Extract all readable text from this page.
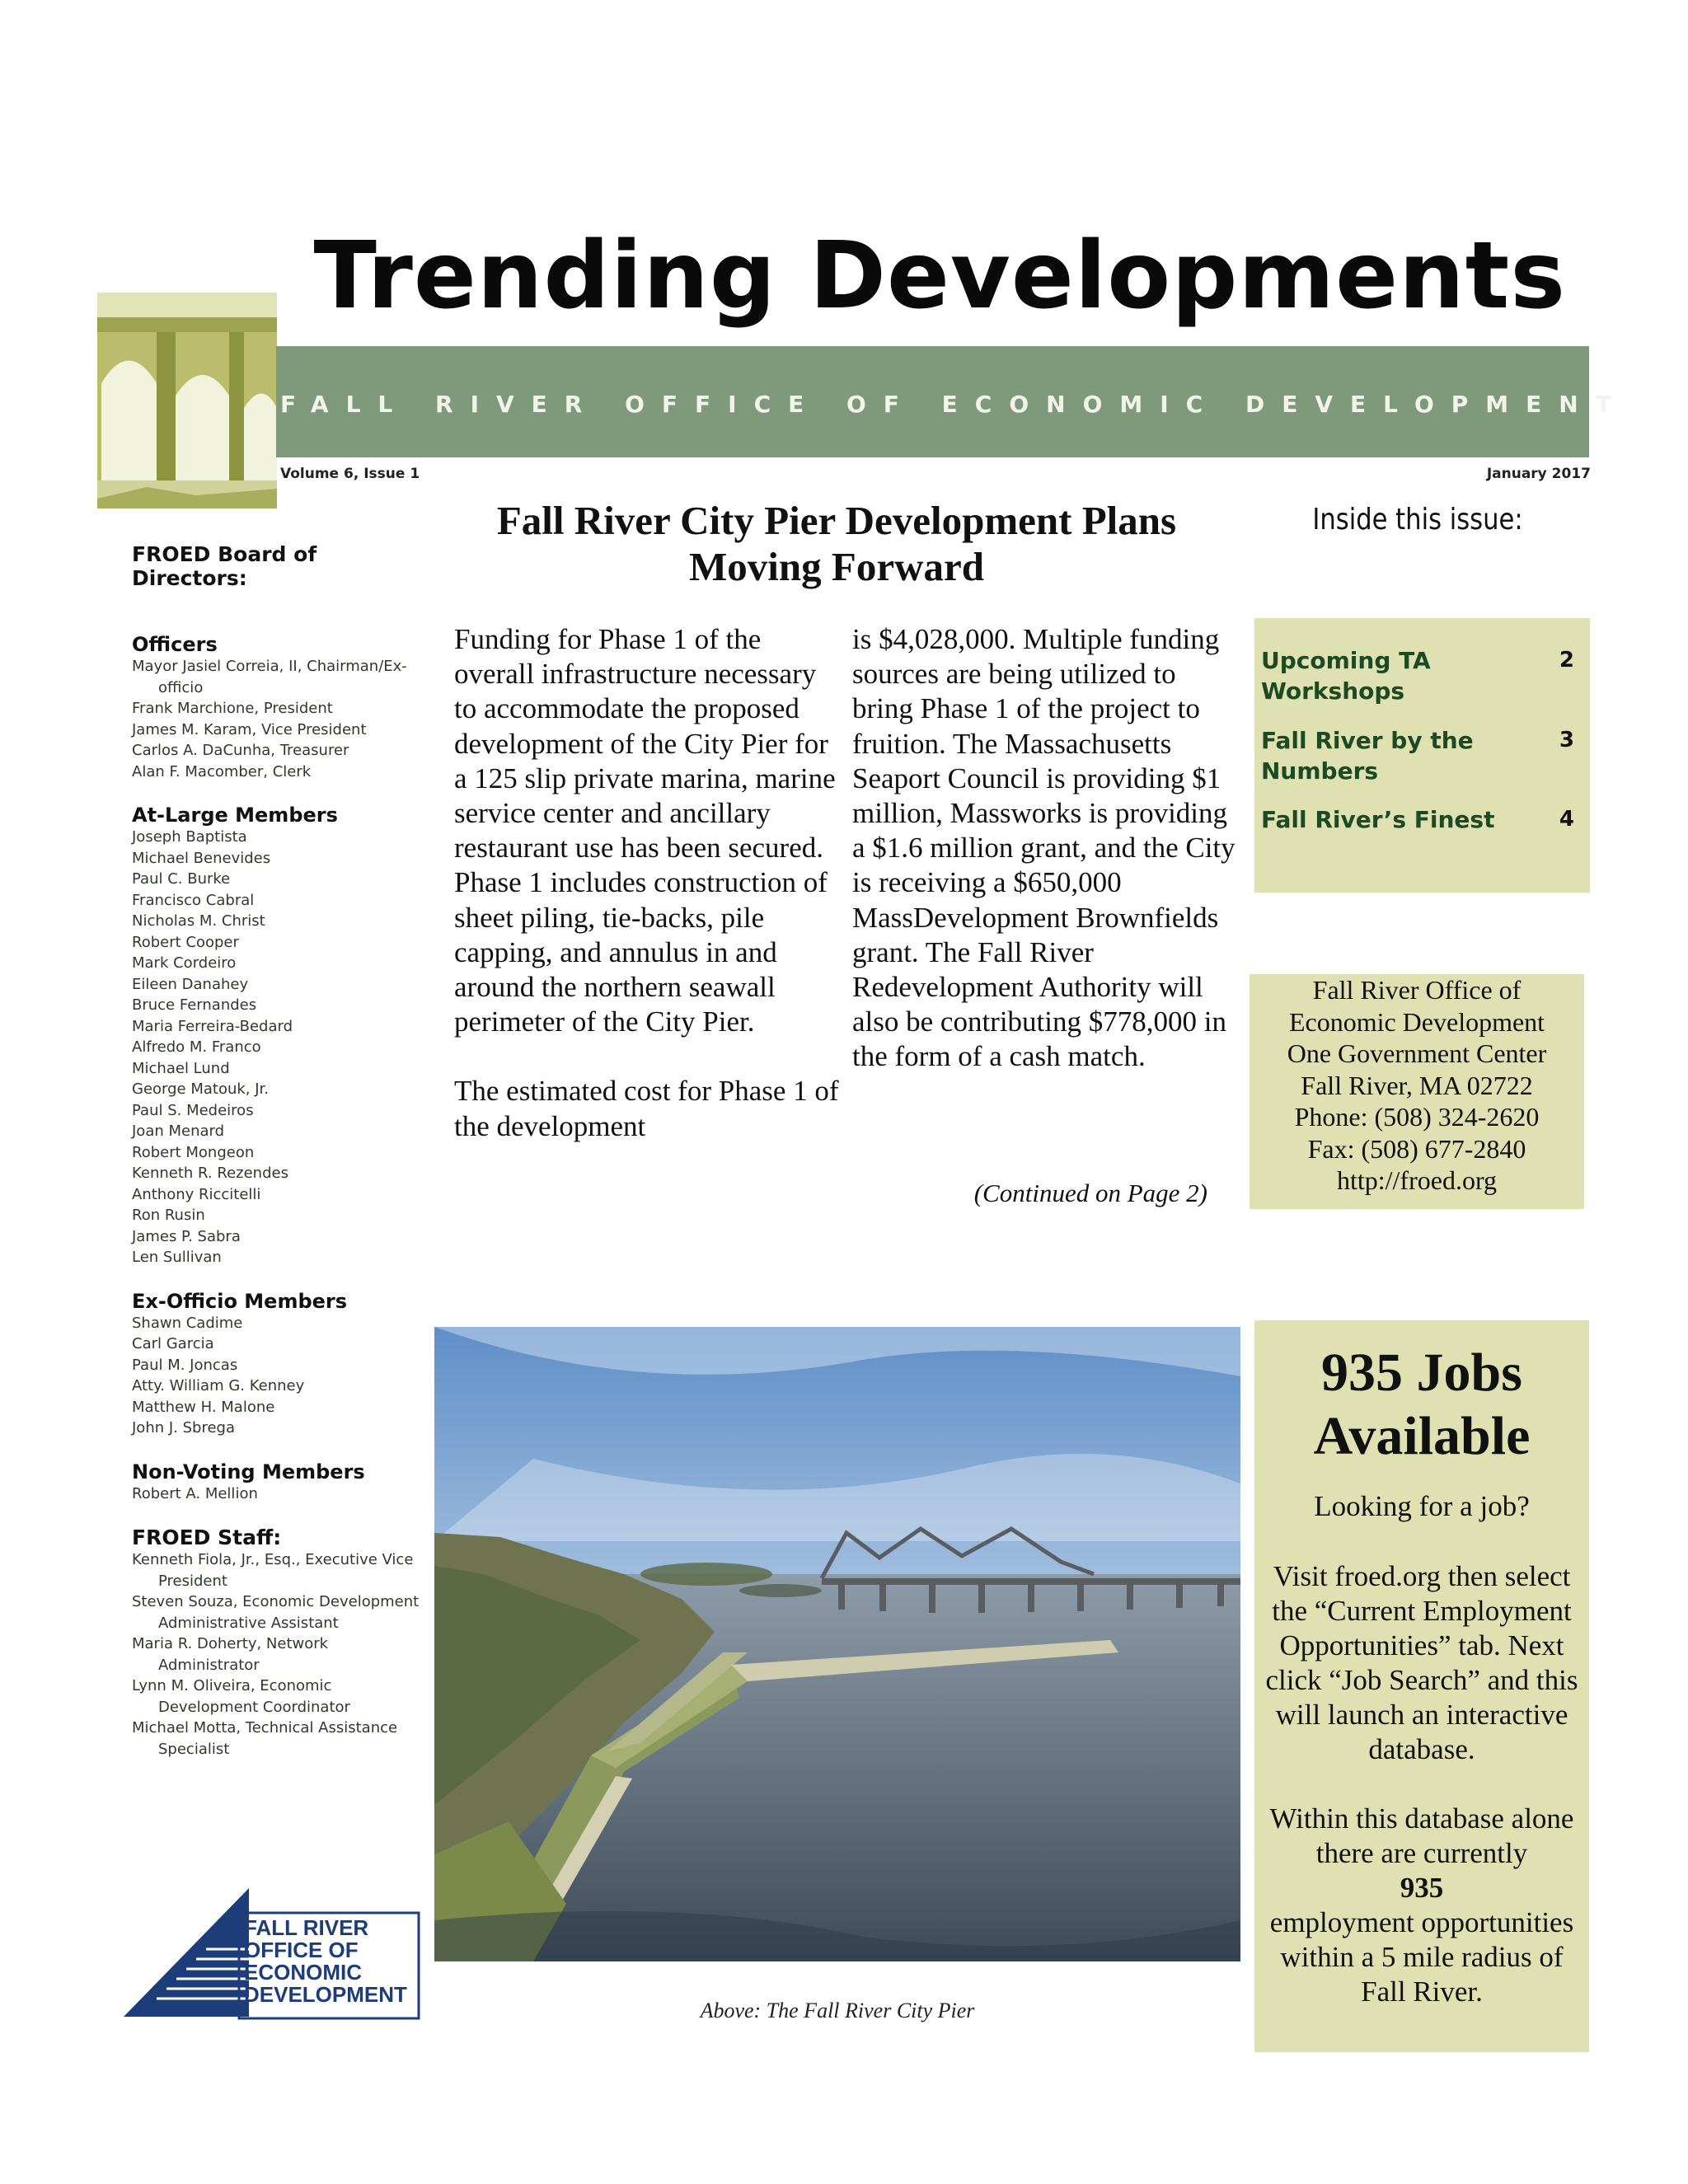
Trending Developments
FALL RIVER OFFICE OF ECONOMIC DEVELOPMENT
Volume 6, Issue 1	January 2017
FROED Board of Directors:
Officers
Mayor Jasiel Correia, II, Chairman/Ex-officio
Frank Marchione, President
James M. Karam, Vice President
Carlos A. DaCunha, Treasurer
Alan F. Macomber, Clerk
At-Large Members
Joseph Baptista
Michael Benevides
Paul C. Burke
Francisco Cabral
Nicholas M. Christ
Robert Cooper
Mark Cordeiro
Eileen Danahey
Bruce Fernandes
Maria Ferreira-Bedard
Alfredo M. Franco
Michael Lund
George Matouk, Jr.
Paul S. Medeiros
Joan Menard
Robert Mongeon
Kenneth R. Rezendes
Anthony Riccitelli
Ron Rusin
James P. Sabra
Len Sullivan
Ex-Officio Members
Shawn Cadime
Carl Garcia
Paul M. Joncas
Atty. William G. Kenney
Matthew H. Malone
John J. Sbrega
Non-Voting Members
Robert A. Mellion
FROED Staff:
Kenneth Fiola, Jr., Esq., Executive Vice President
Steven Souza, Economic Development Administrative Assistant
Maria R. Doherty, Network Administrator
Lynn M. Oliveira, Economic Development Coordinator
Michael Motta, Technical Assistance Specialist
Fall River City Pier Development Plans Moving Forward
Funding for Phase 1 of the overall infrastructure necessary to accommodate the proposed development of the City Pier for a 125 slip private marina, marine service center and ancillary restaurant use has been secured. Phase 1 includes construction of sheet piling, tie-backs, pile capping, and annulus in and around the northern seawall perimeter of the City Pier.
The estimated cost for Phase 1 of the development
is $4,028,000. Multiple funding sources are being utilized to bring Phase 1 of the project to fruition. The Massachusetts Seaport Council is providing $1 million, Massworks is providing a $1.6 million grant, and the City is receiving a $650,000 MassDevelopment Brownfields grant. The Fall River Redevelopment Authority will also be contributing $778,000 in the form of a cash match.
(Continued on Page 2)
Inside this issue:
Upcoming TA Workshops
2
Fall River by the Numbers
3
Fall River’s Finest	4
Fall River Office of
Economic Development
One Government Center
Fall River, MA 02722
Phone: (508) 324-2620
Fax: (508) 677-2840
http://froed.org
Above: The Fall River City Pier
935 Jobs Available
Looking for a job?
Visit froed.org then select the “Current Employment Opportunities” tab. Next click “Job Search” and this will launch an interactive database.
Within this database alone there are currently
935
employment opportunities within a 5 mile radius of Fall River.
FALL RIVER OFFICE OF ECONOMIC DEVELOPMENT
